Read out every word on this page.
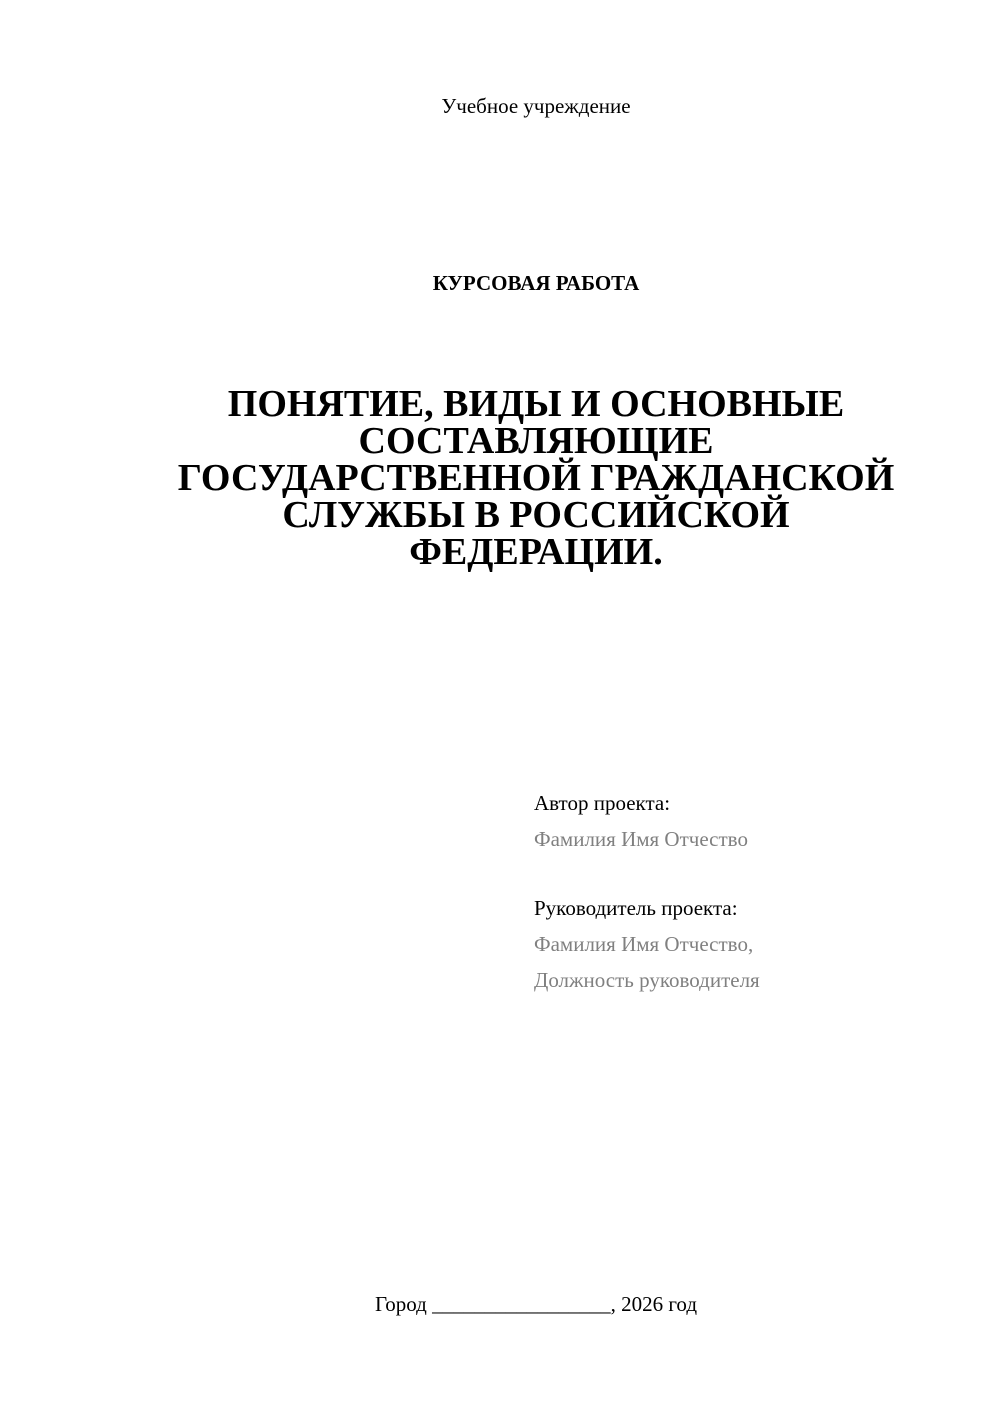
Учебное учреждение
КУРСОВАЯ РАБОТА
ПОНЯТИЕ, ВИДЫ И ОСНОВНЫЕ
СОСТАВЛЯЮЩИЕ
ГОСУДАРСТВЕННОЙ ГРАЖДАНСКОЙ
СЛУЖБЫ В РОССИЙСКОЙ
ФЕДЕРАЦИИ.
Автор проекта:
Фамилия Имя Отчество
Руководитель проекта:
Фамилия Имя Отчество,
Должность руководителя
Город _________________, 2026 год
